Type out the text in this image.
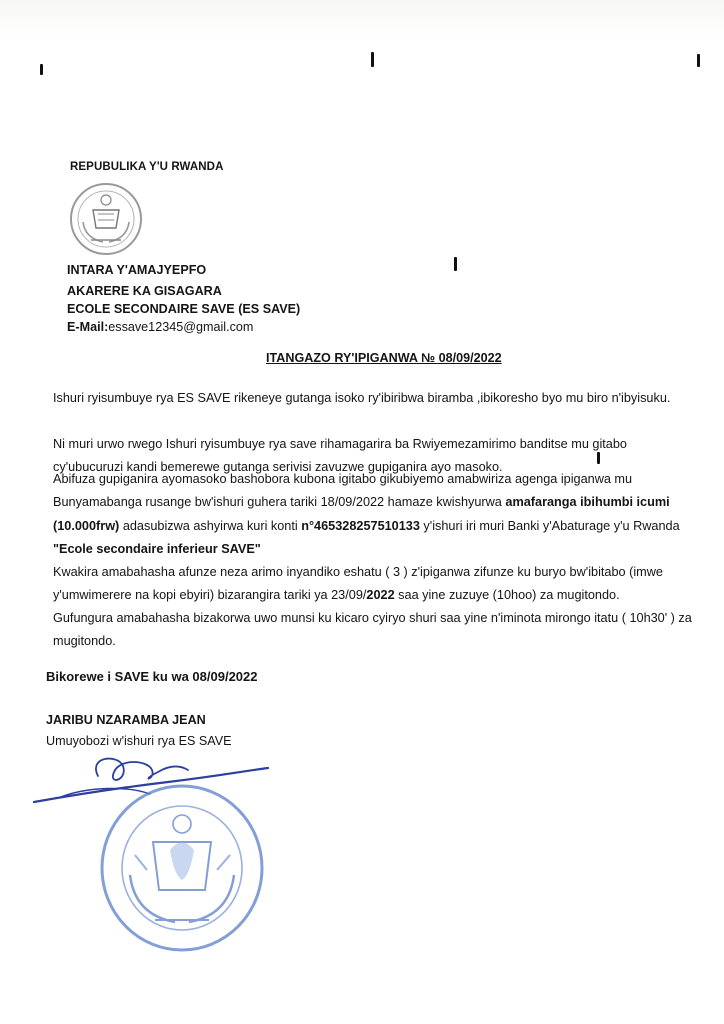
REPUBULIKA Y'U RWANDA
INTARA Y'AMAJYEPFO
AKARERE KA GISAGARA
ECOLE SECONDAIRE SAVE (ES SAVE)
E-Mail:essave12345@gmail.com
ITANGAZO RY'IPIGANWA № 08/09/2022
Ishuri ryisumbuye rya ES SAVE rikeneye gutanga isoko ry'ibiribwa biramba ,ibikoresho byo mu biro n'ibyisuku.
Ni muri urwo rwego Ishuri ryisumbuye rya save rihamagarira ba Rwiyemezamirimo banditse mu gitabo cy'ubucuruzi kandi bemerewe gutanga serivisi zavuzwe gupiganira ayo masoko.
Abifuza gupiganira ayomasoko bashobora kubona igitabo gikubiyemo amabwiriza agenga ipiganwa mu Bunyamabanga rusange bw'ishuri guhera tariki 18/09/2022 hamaze kwishyurwa amafaranga ibihumbi icumi (10.000frw) adasubizwa ashyirwa kuri konti n°465328257510133 y'ishuri iri muri Banki y'Abaturage y'u Rwanda "Ecole secondaire inferieur SAVE"
Kwakira amabahasha afunze neza arimo inyandiko eshatu ( 3 ) z'ipiganwa zifunze ku buryo bw'ibitabo (imwe y'umwimerere na kopi ebyiri) bizarangira tariki ya 23/09/2022 saa yine zuzuye (10hoo) za mugitondo.
Gufungura amabahasha bizakorwa uwo munsi ku kicaro cyiryo shuri saa yine n'iminota mirongo itatu ( 10h30' ) za mugitondo.
Bikorewe i SAVE ku wa 08/09/2022
JARIBU NZARAMBA JEAN
Umuyobozi w'ishuri rya ES SAVE
